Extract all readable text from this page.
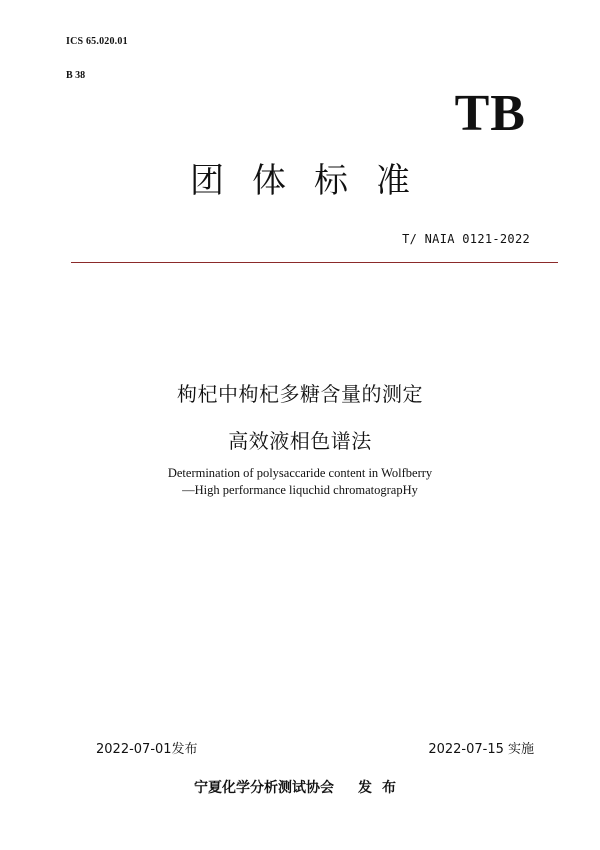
ICS 65.020.01
B 38
TB
团体标准
T/ NAIA 0121-2022
枸杞中枸杞多糖含量的测定
高效液相色谱法
Determination of polysaccaride content in Wolfberry
—High performance liquchid chromatograpHy
2022-07-01发布	2022-07-15 实施
宁夏化学分析测试协会 发布
